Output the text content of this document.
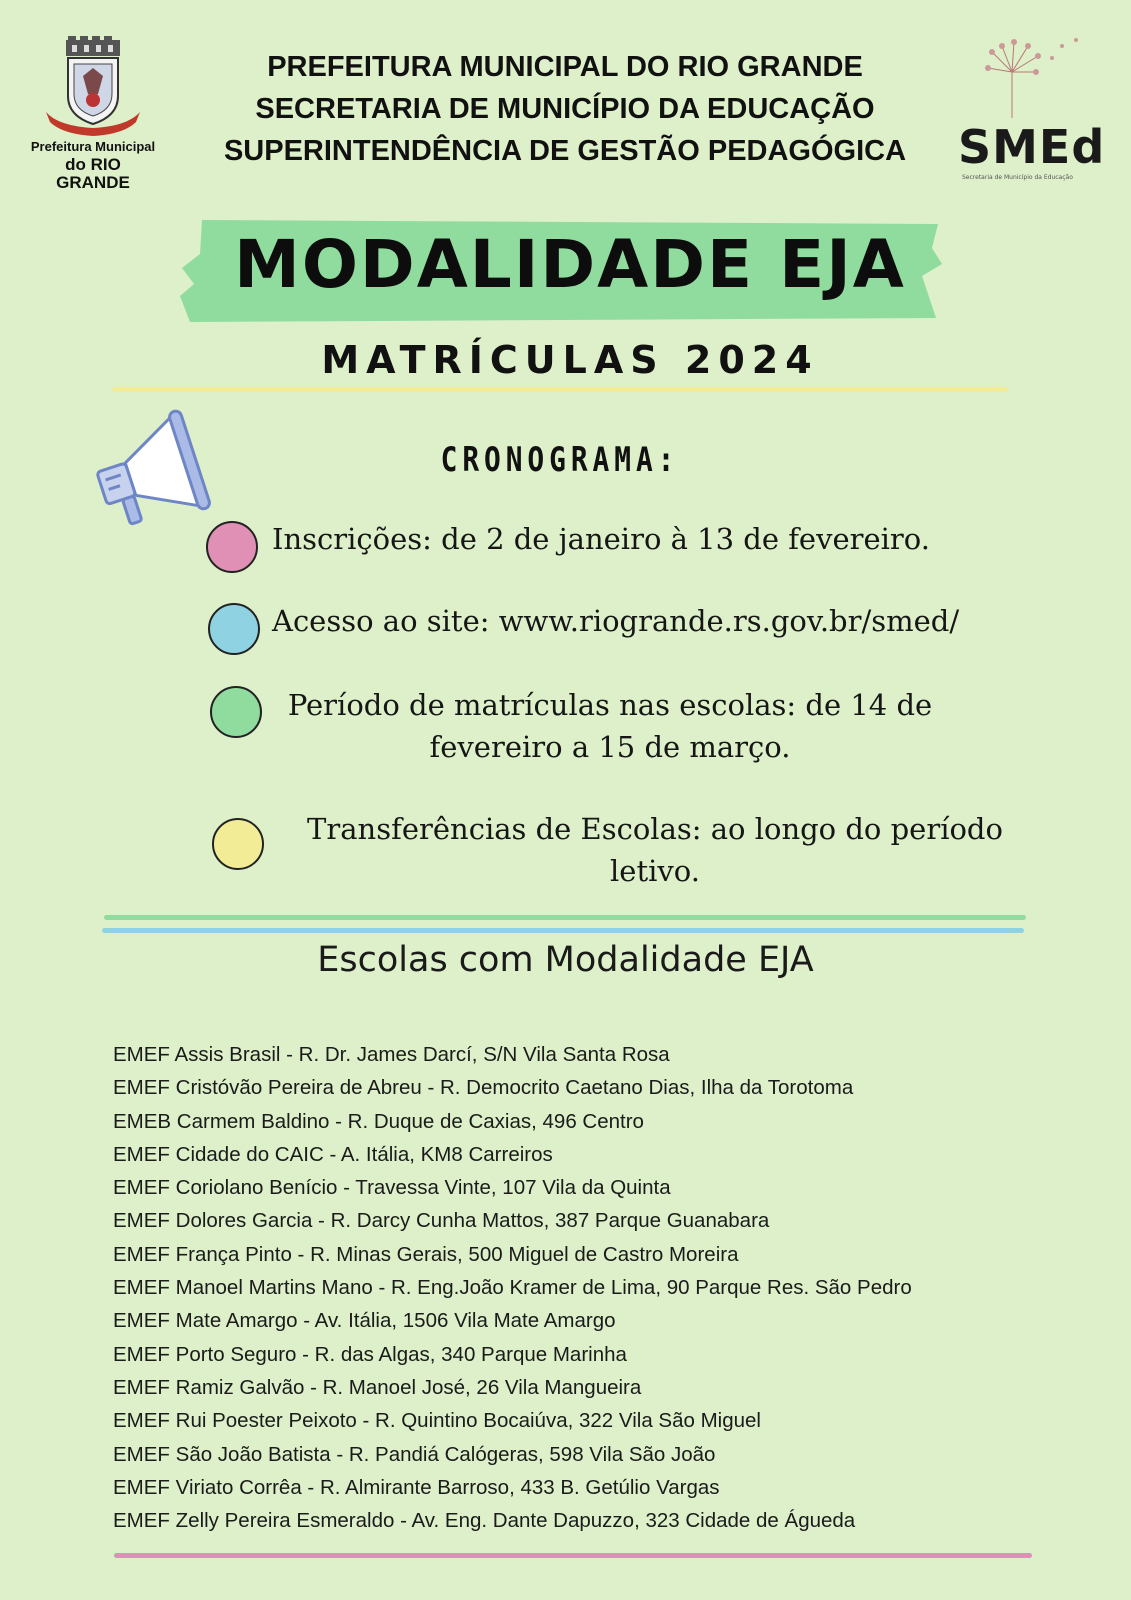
Prefeitura Municipal
do RIO GRANDE
PREFEITURA MUNICIPAL DO RIO GRANDE
SECRETARIA DE MUNICÍPIO DA EDUCAÇÃO
SUPERINTENDÊNCIA DE GESTÃO PEDAGÓGICA	SMEd
Secretaria de Município da Educação
MODALIDADE EJA
MATRÍCULAS 2024
CRONOGRAMA:
Inscrições: de 2 de janeiro à 13 de fevereiro.
Acesso ao site: www.riogrande.rs.gov.br/smed/
Período de matrículas nas escolas: de 14 de
fevereiro a 15 de março.
Transferências de Escolas: ao longo do período
letivo.
Escolas com Modalidade EJA
EMEF Assis Brasil - R. Dr. James Darcí, S/N Vila Santa Rosa
EMEF Cristóvão Pereira de Abreu - R. Democrito Caetano Dias, Ilha da Torotoma
EMEB Carmem Baldino - R. Duque de Caxias, 496 Centro
EMEF Cidade do CAIC - A. Itália, KM8 Carreiros
EMEF Coriolano Benício - Travessa Vinte, 107 Vila da Quinta
EMEF Dolores Garcia - R. Darcy Cunha Mattos, 387 Parque Guanabara
EMEF França Pinto - R. Minas Gerais, 500 Miguel de Castro Moreira
EMEF Manoel Martins Mano - R. Eng.João Kramer de Lima, 90 Parque Res. São Pedro
EMEF Mate Amargo - Av. Itália, 1506 Vila Mate Amargo
EMEF Porto Seguro - R. das Algas, 340 Parque Marinha
EMEF Ramiz Galvão - R. Manoel José, 26 Vila Mangueira
EMEF Rui Poester Peixoto - R. Quintino Bocaiúva, 322 Vila São Miguel
EMEF São João Batista - R. Pandiá Calógeras, 598 Vila São João
EMEF Viriato Corrêa - R. Almirante Barroso, 433 B. Getúlio Vargas
EMEF Zelly Pereira Esmeraldo - Av. Eng. Dante Dapuzzo, 323 Cidade de Águeda
